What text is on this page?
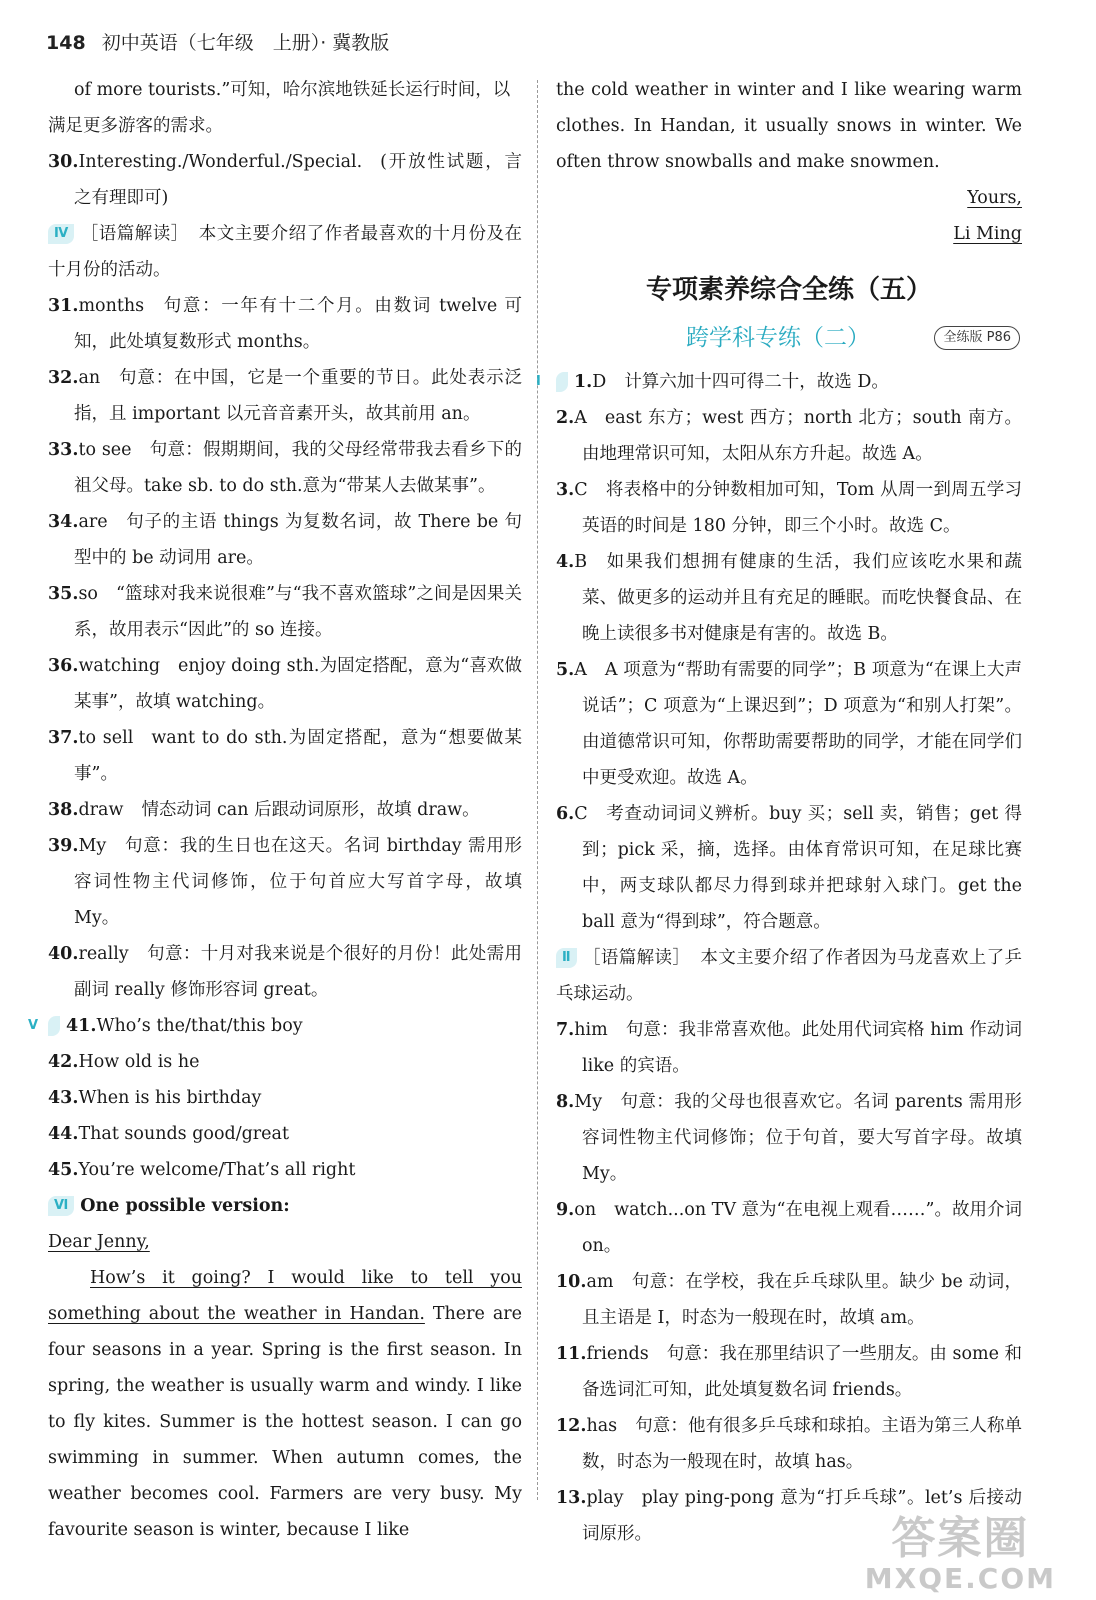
148 初中英语（七年级　上册）· 冀教版
of more tourists.”可知，哈尔滨地铁延长运行时间，以
满足更多游客的需求。
30.Interesting./Wonderful./Special. (开放性试题，言之有理即可)
Ⅳ ［语篇解读］ 本文主要介绍了作者最喜欢的十月份及在十月份的活动。
31.months 句意：一年有十二个月。由数词 twelve 可知，此处填复数形式 months。
32.an 句意：在中国，它是一个重要的节日。此处表示泛指，且 important 以元音音素开头，故其前用 an。
33.to see 句意：假期期间，我的父母经常带我去看乡下的祖父母。take sb. to do sth.意为“带某人去做某事”。
34.are 句子的主语 things 为复数名词，故 There be 句型中的 be 动词用 are。
35.so “篮球对我来说很难”与“我不喜欢篮球”之间是因果关系，故用表示“因此”的 so 连接。
36.watching enjoy doing sth.为固定搭配，意为“喜欢做某事”，故填 watching。
37.to sell want to do sth.为固定搭配，意为“想要做某事”。
38.draw 情态动词 can 后跟动词原形，故填 draw。
39.My 句意：我的生日也在这天。名词 birthday 需用形容词性物主代词修饰，位于句首应大写首字母，故填 My。
40.really 句意：十月对我来说是个很好的月份！此处需用副词 really 修饰形容词 great。
Ⅴ 41.Who’s the/that/this boy
42.How old is he
43.When is his birthday
44.That sounds good/great
45.You’re welcome/That’s all right
Ⅵ One possible version:
Dear Jenny,

How’s it going? I would like to tell you something about the weather in Handan. There are four seasons in a year. Spring is the first season. In spring, the weather is usually warm and windy. I like to fly kites. Summer is the hottest season. I can go swimming in summer. When autumn comes, the weather becomes cool. Farmers are very busy. My favourite season is winter, because I like

the cold weather in winter and I like wearing warm clothes. In Handan, it usually snows in winter. We often throw snowballs and make snowmen.
Yours,
Li Ming
专项素养综合全练（五）
跨学科专练（二）	全练版 P86
Ⅰ 1.D 计算六加十四可得二十，故选 D。
2.A east 东方；west 西方；north 北方；south 南方。由地理常识可知，太阳从东方升起。故选 A。
3.C 将表格中的分钟数相加可知，Tom 从周一到周五学习英语的时间是 180 分钟，即三个小时。故选 C。
4.B 如果我们想拥有健康的生活，我们应该吃水果和蔬菜、做更多的运动并且有充足的睡眠。而吃快餐食品、在晚上读很多书对健康是有害的。故选 B。
5.A A 项意为“帮助有需要的同学”；B 项意为“在课上大声说话”；C 项意为“上课迟到”；D 项意为“和别人打架”。由道德常识可知，你帮助需要帮助的同学，才能在同学们中更受欢迎。故选 A。
6.C 考查动词词义辨析。buy 买；sell 卖，销售；get 得到；pick 采，摘，选择。由体育常识可知，在足球比赛中，两支球队都尽力得到球并把球射入球门。get the ball 意为“得到球”，符合题意。
Ⅱ ［语篇解读］ 本文主要介绍了作者因为马龙喜欢上了乒乓球运动。
7.him 句意：我非常喜欢他。此处用代词宾格 him 作动词 like 的宾语。
8.My 句意：我的父母也很喜欢它。名词 parents 需用形容词性物主代词修饰；位于句首，要大写首字母。故填 My。
9.on watch...on TV 意为“在电视上观看……”。故用介词 on。
10.am 句意：在学校，我在乒乓球队里。缺少 be 动词，且主语是 I，时态为一般现在时，故填 am。
11.friends 句意：我在那里结识了一些朋友。由 some 和备选词汇可知，此处填复数名词 friends。
12.has 句意：他有很多乒乓球和球拍。主语为第三人称单数，时态为一般现在时，故填 has。
13.play play ping-pong 意为“打乒乓球”。let’s 后接动词原形。	答案圈
MXQE.COM
